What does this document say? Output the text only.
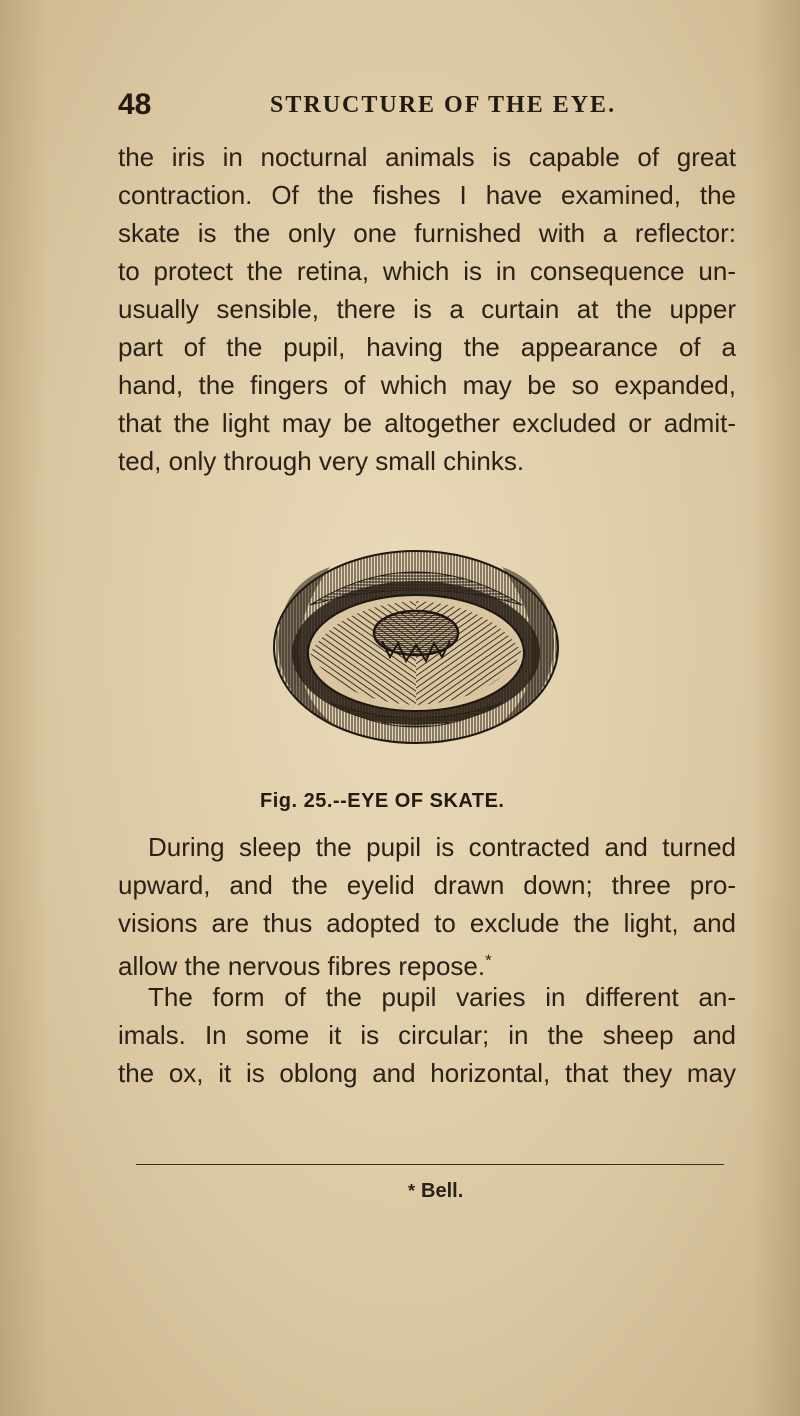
48	STRUCTURE OF THE EYE.
the iris in nocturnal animals is capable of great
contraction. Of the fishes I have examined, the
skate is the only one furnished with a reflector:
to protect the retina, which is in consequence un-
usually sensible, there is a curtain at the upper
part of the pupil, having the appearance of a
hand, the fingers of which may be so expanded,
that the light may be altogether excluded or admit-
ted, only through very small chinks.
Fig. 25.--EYE OF SKATE.
During sleep the pupil is contracted and turned
upward, and the eyelid drawn down; three pro-
visions are thus adopted to exclude the light, and
allow the nervous fibres repose.*
The form of the pupil varies in different an-
imals. In some it is circular; in the sheep and
the ox, it is oblong and horizontal, that they may
* Bell.
